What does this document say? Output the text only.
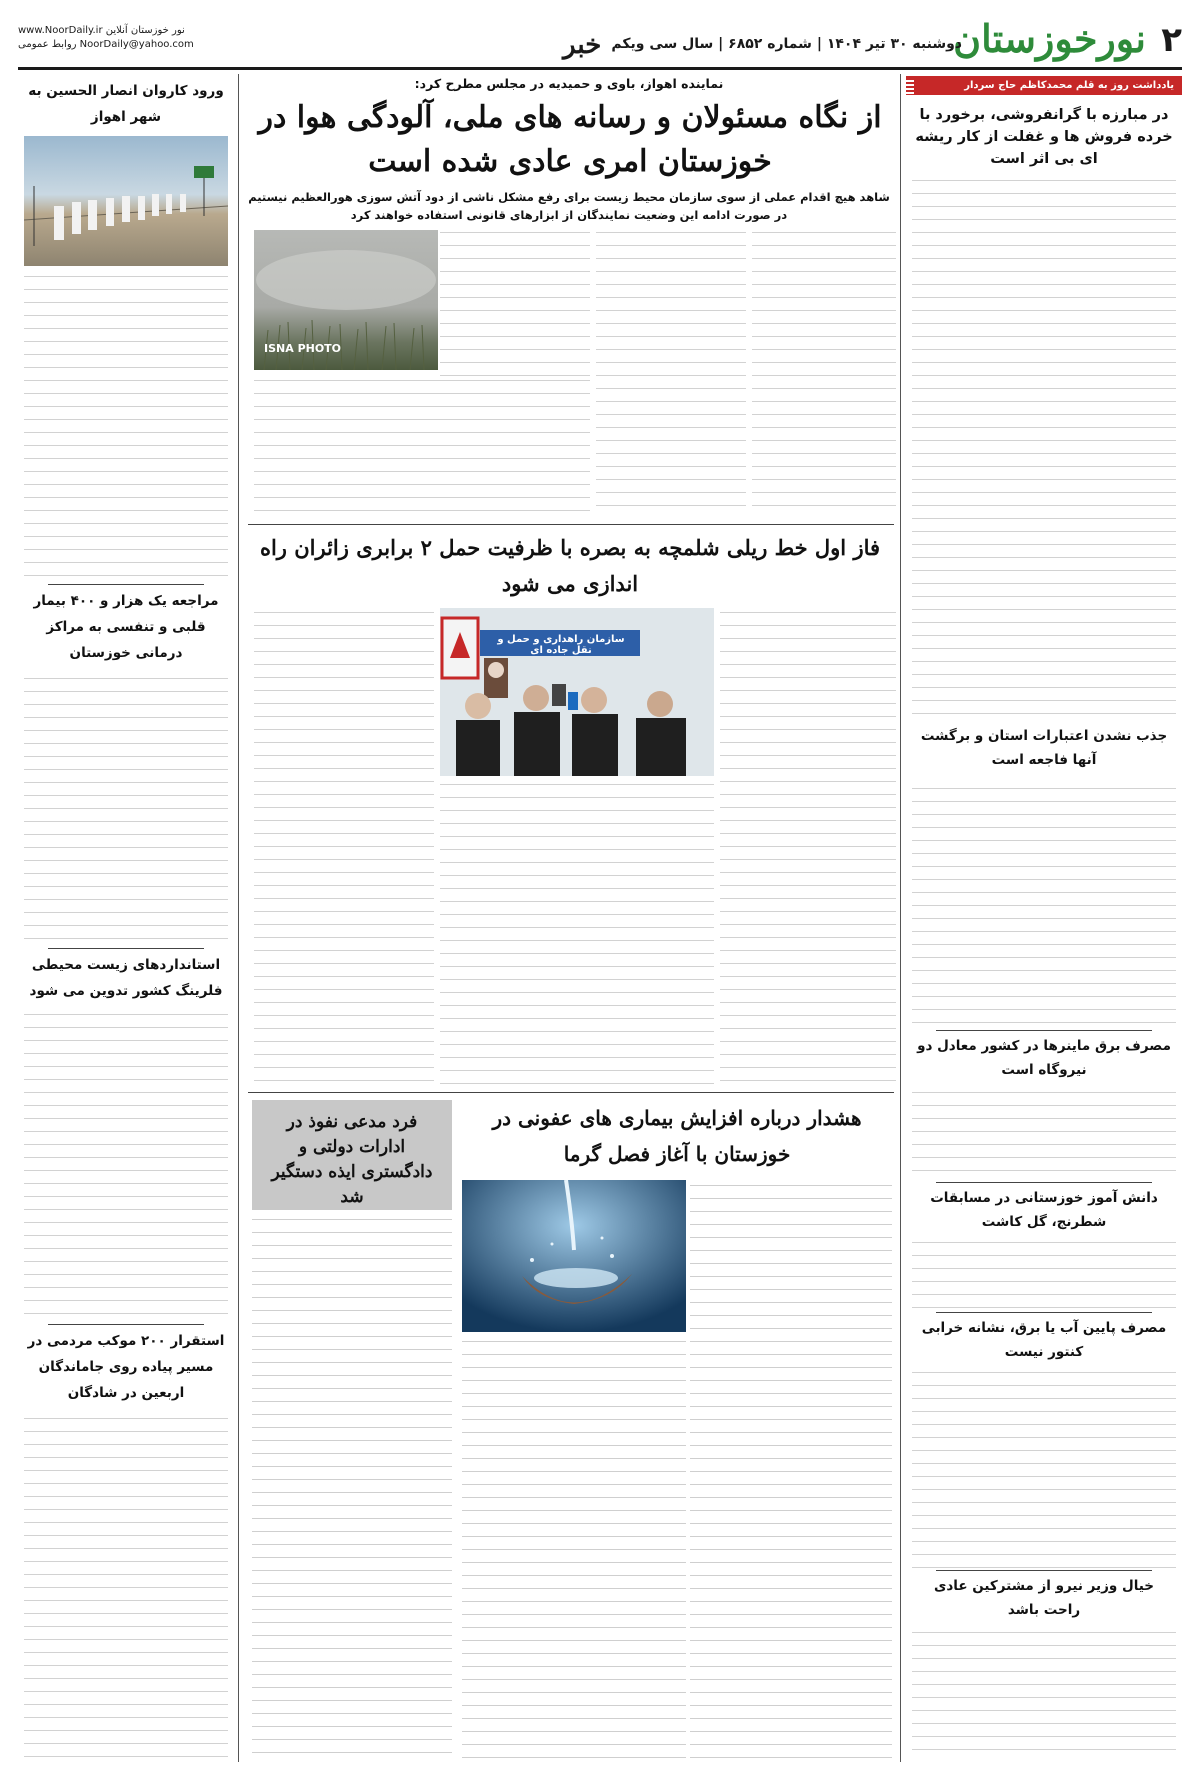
۲
نورخوزستان
دوشنبه ۳۰ تیر ۱۴۰۴ | شماره ۶۸۵۲ | سال سی ویکم
خبر
www.NoorDaily.ir نور خوزستان آنلاین
روابط عمومی NoorDaily@yahoo.com
یادداشت روز به قلم محمدکاظم حاج سردار
در مبارزه با گرانفروشی، برخورد با خرده فروش ها و غفلت از کار ریشه ای بی اثر است
جذب نشدن اعتبارات استان و برگشت آنها فاجعه است
مصرف برق ماینرها در کشور معادل دو نیروگاه است
دانش آموز خوزستانی در مسابقات شطرنج، گل کاشت
مصرف پایین آب یا برق، نشانه خرابی کنتور نیست
خیال وزیر نیرو از مشترکین عادی راحت باشد
نماینده اهواز، باوی و حمیدیه در مجلس مطرح کرد:
از نگاه مسئولان و رسانه های ملی، آلودگی هوا در خوزستان امری عادی شده است
شاهد هیچ اقدام عملی از سوی سازمان محیط زیست برای رفع مشکل ناشی از دود آتش سوزی هورالعظیم نیستیم
در صورت ادامه این وضعیت نمایندگان از ابزارهای قانونی استفاده خواهند کرد
ISNA PHOTO
فاز اول خط ریلی شلمچه به بصره با ظرفیت حمل ۲ برابری زائران راه اندازی می شود
سازمان راهداری و حمل و نقل جاده ای
فرد مدعی نفوذ در ادارات دولتی و دادگستری ایذه دستگیر شد
هشدار درباره افزایش بیماری های عفونی در خوزستان با آغاز فصل گرما
ورود کاروان انصار الحسین به شهر اهواز
مراجعه یک هزار و ۴۰۰ بیمار قلبی و تنفسی به مراکز درمانی خوزستان
استانداردهای زیست محیطی فلرینگ کشور تدوین می شود
استقرار ۲۰۰ موکب مردمی در مسیر پیاده روی جاماندگان اربعین در شادگان
